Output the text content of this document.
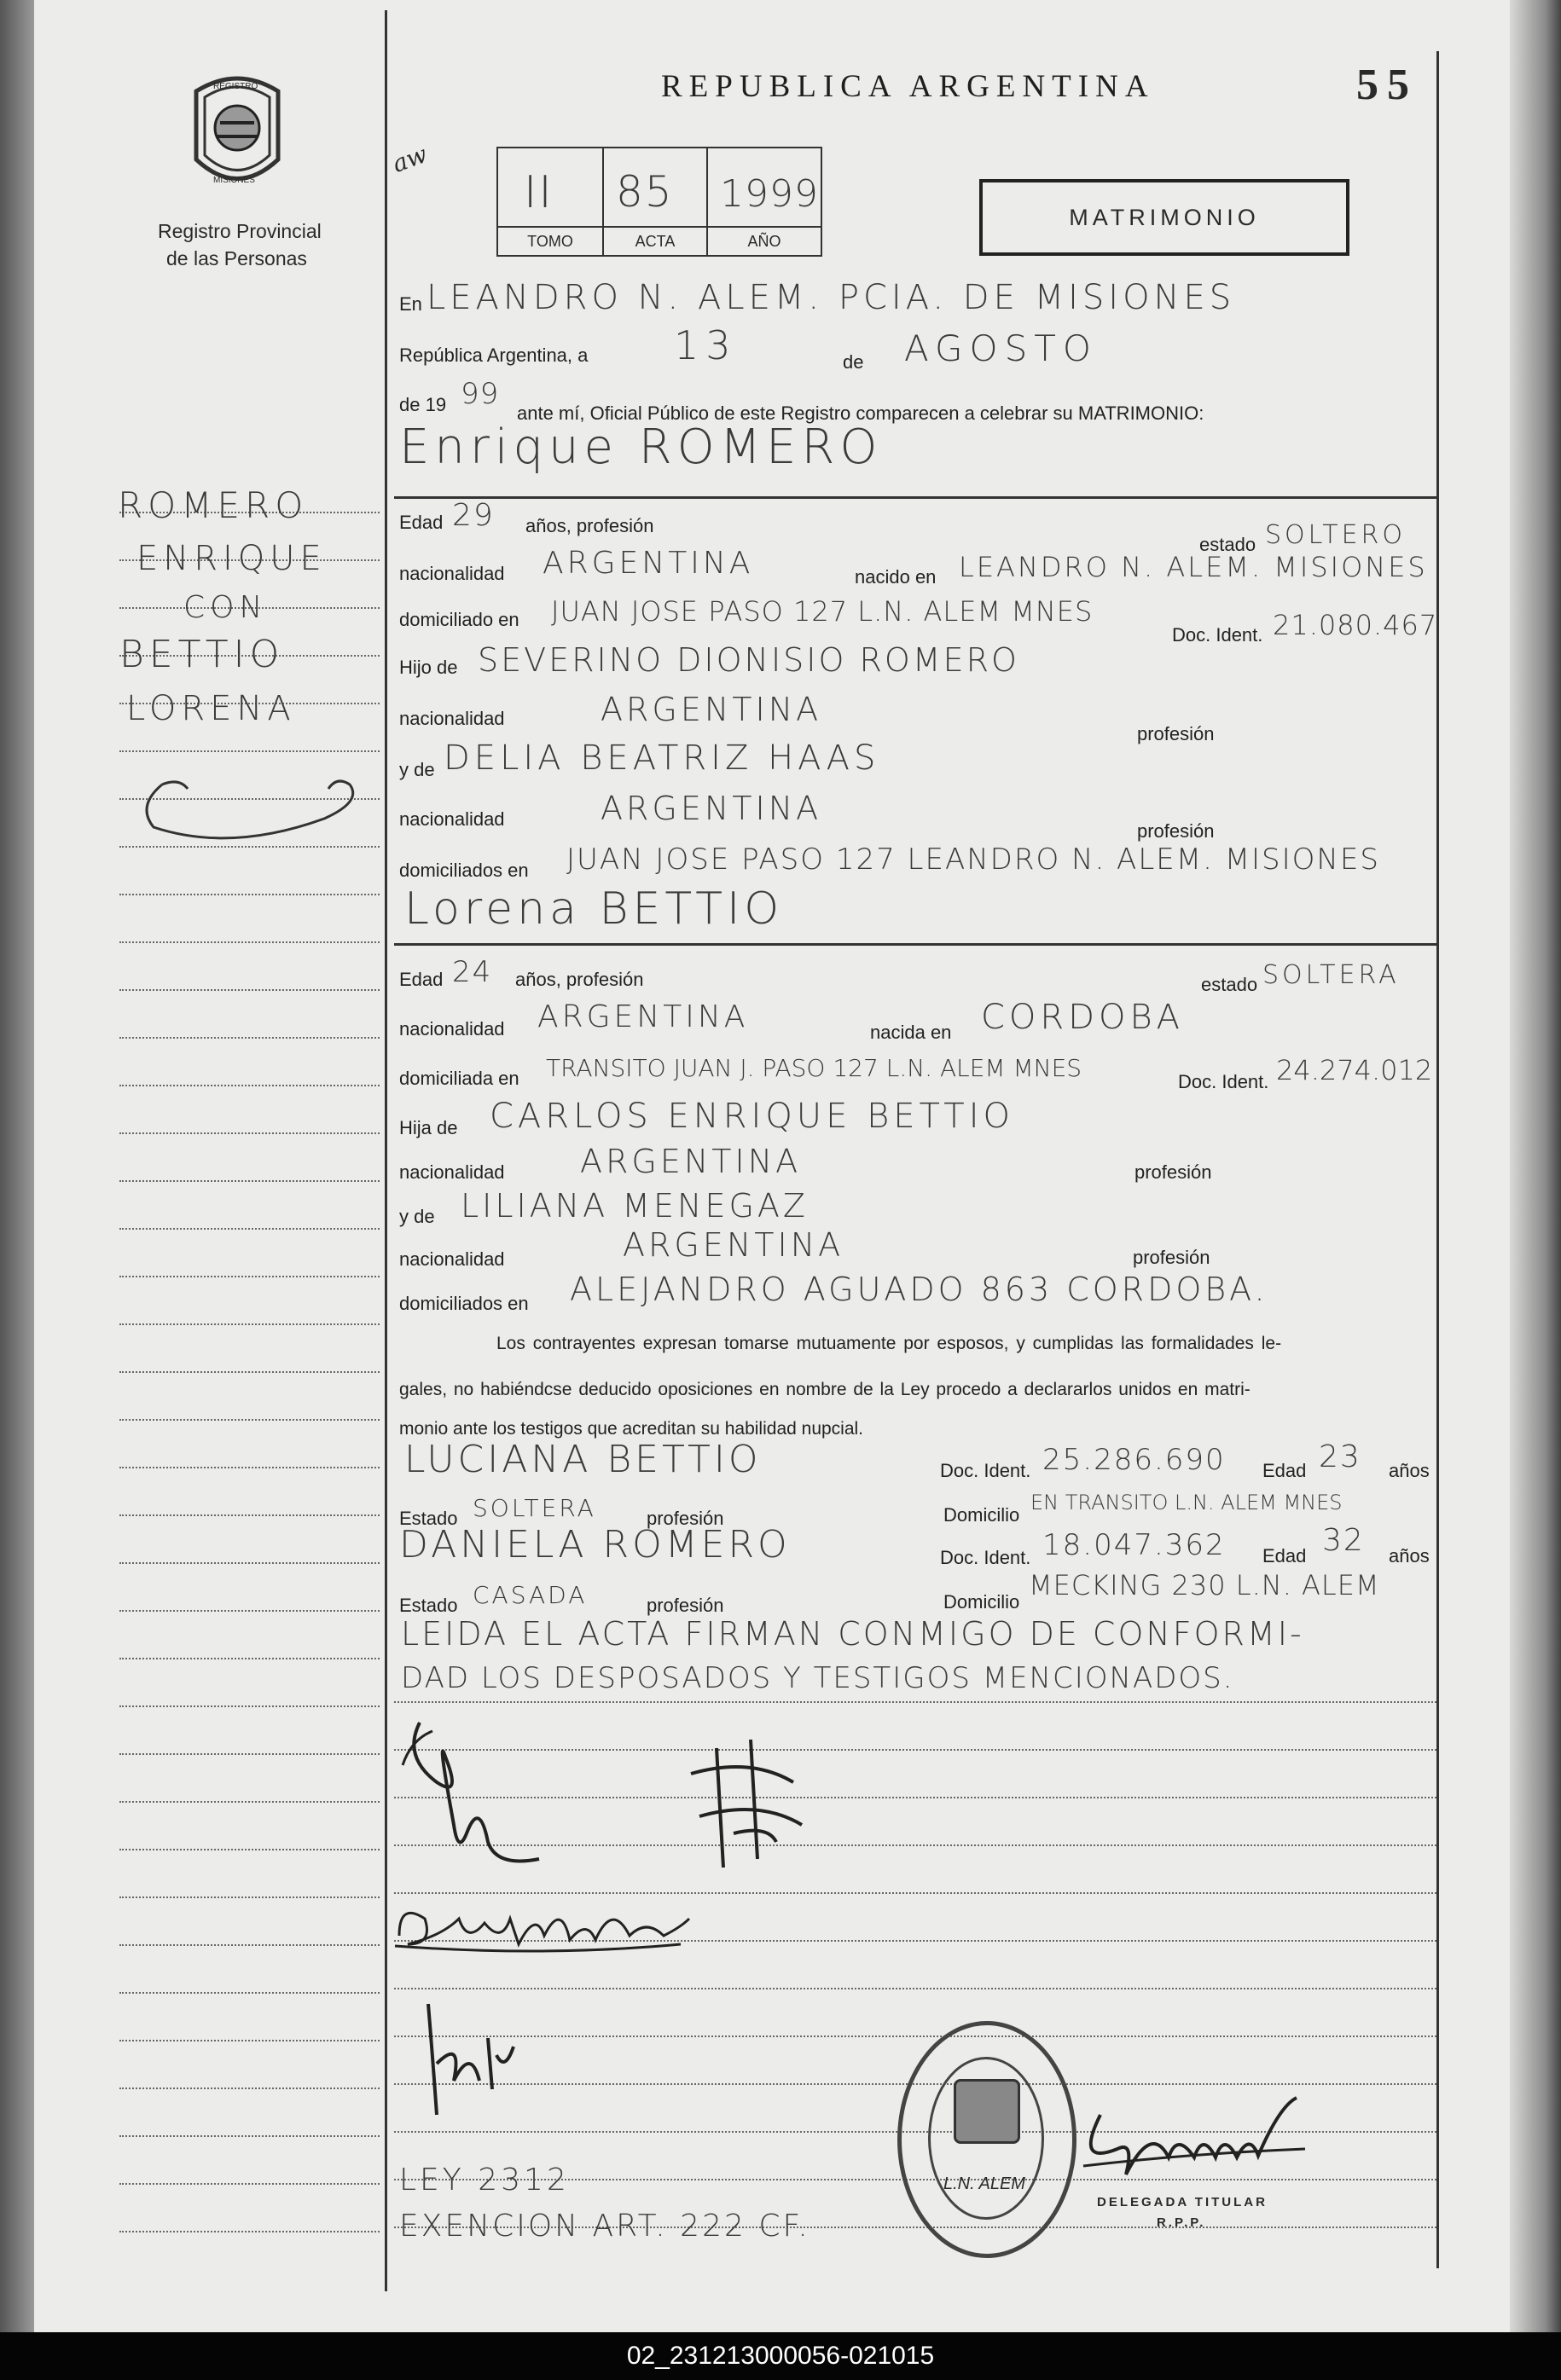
REGISTRO
MISIONES
Registro Provincial
de las Personas
REPUBLICA ARGENTINA	55
aw
II
TOMO
85
ACTA
1999
AÑO
MATRIMONIO
ROMERO
ENRIQUE
CON
BETTIO
LORENA
En LEANDRO N. ALEM. PCIA. DE MISIONES
República Argentina, a 13	de AGOSTO
de 19 99
ante mí, Oficial Público de este Registro comparecen a celebrar su MATRIMONIO:
Enrique ROMERO
Edad 29 años, profesión
estado SOLTERO
nacionalidad ARGENTINA	nacido en LEANDRO N. ALEM. MISIONES
domiciliado en JUAN JOSE PASO 127 L.N. ALEM MNES
Doc. Ident. 21.080.467
Hijo de SEVERINO DIONISIO ROMERO
nacionalidad	ARGENTINA
profesión
y de DELIA BEATRIZ HAAS
nacionalidad	ARGENTINA
profesión
domiciliados en JUAN JOSE PASO 127 LEANDRO N. ALEM. MISIONES
Lorena BETTIO
Edad 24 años, profesión	estado SOLTERA
nacionalidad ARGENTINA	nacida en CORDOBA
domiciliada en TRANSITO JUAN J. PASO 127 L.N. ALEM MNES	Doc. Ident. 24.274.012
Hija de CARLOS ENRIQUE BETTIO
nacionalidad ARGENTINA	profesión
y de LILIANA MENEGAZ
nacionalidad	ARGENTINA	profesión
domiciliados en ALEJANDRO AGUADO 863 CORDOBA.
Los contrayentes expresan tomarse mutuamente por esposos, y cumplidas las formalidades le-
gales, no habiéndcse deducido oposiciones en nombre de la Ley procedo a declararlos unidos en matri-
monio ante los testigos que acreditan su habilidad nupcial.
LUCIANA BETTIO	Doc. Ident. 25.286.690 Edad 23 años
Estado SOLTERA	profesión	Domicilio
EN TRANSITO L.N. ALEM MNES
DANIELA ROMERO	Doc. Ident. 18.047.362 Edad 32 años
Estado CASADA	profesión	Domicilio
MECKING 230 L.N. ALEM
LEIDA EL ACTA FIRMAN CONMIGO DE CONFORMI-
DAD LOS DESPOSADOS Y TESTIGOS MENCIONADOS.
LEY 2312
EXENCION ART. 222 CF.
L.N. ALEM
DELEGADA TITULAR
R.P.P.
02_231213000056-021015
